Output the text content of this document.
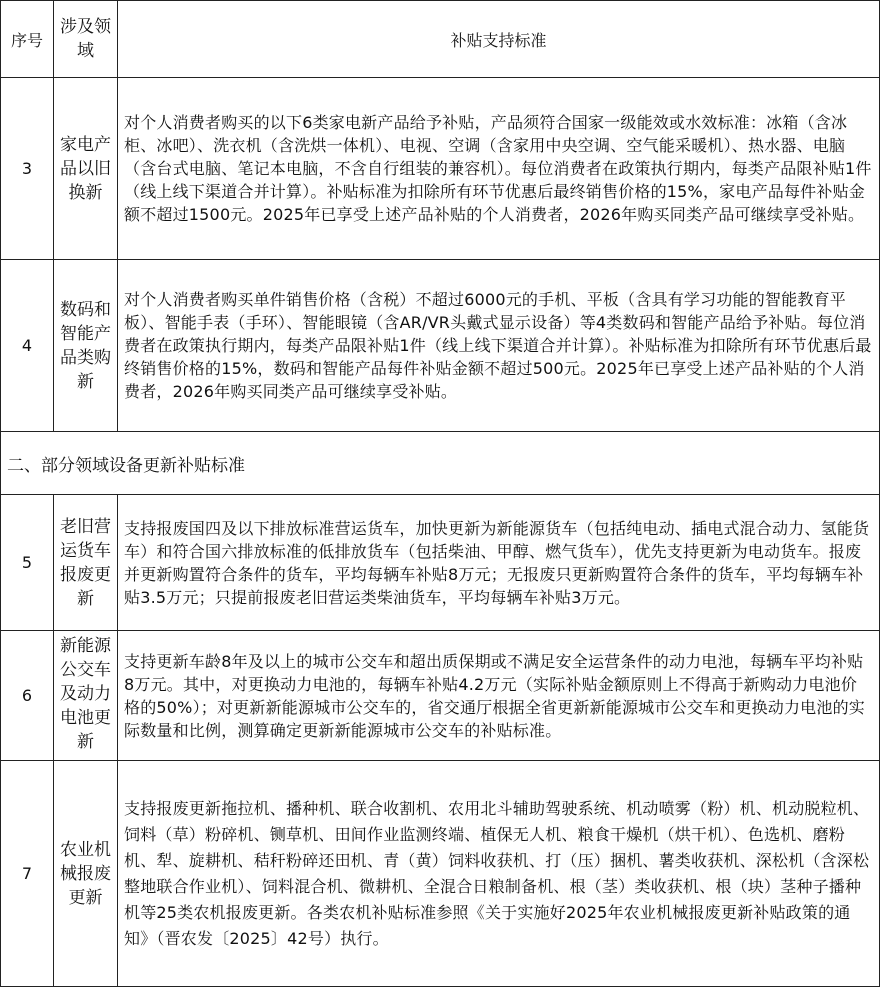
序号	涉及领域	补贴支持标准
3	家电产品以旧换新	对个人消费者购买的以下6类家电新产品给予补贴，产品须符合国家一级能效或水效标准：冰箱（含冰柜、冰吧）、洗衣机（含洗烘一体机）、电视、空调（含家用中央空调、空气能采暖机）、热水器、电脑（含台式电脑、笔记本电脑，不含自行组装的兼容机）。每位消费者在政策执行期内，每类产品限补贴1件（线上线下渠道合并计算）。补贴标准为扣除所有环节优惠后最终销售价格的15%，家电产品每件补贴金额不超过1500元。2025年已享受上述产品补贴的个人消费者，2026年购买同类产品可继续享受补贴。
4	数码和智能产品类购新	对个人消费者购买单件销售价格（含税）不超过6000元的手机、平板（含具有学习功能的智能教育平板）、智能手表（手环）、智能眼镜（含AR/VR头戴式显示设备）等4类数码和智能产品给予补贴。每位消费者在政策执行期内，每类产品限补贴1件（线上线下渠道合并计算）。补贴标准为扣除所有环节优惠后最终销售价格的15%，数码和智能产品每件补贴金额不超过500元。2025年已享受上述产品补贴的个人消费者，2026年购买同类产品可继续享受补贴。
二、部分领域设备更新补贴标准		
5	老旧营运货车报废更新	支持报废国四及以下排放标准营运货车，加快更新为新能源货车（包括纯电动、插电式混合动力、氢能货车）和符合国六排放标准的低排放货车（包括柴油、甲醇、燃气货车），优先支持更新为电动货车。报废并更新购置符合条件的货车，平均每辆车补贴8万元；无报废只更新购置符合条件的货车，平均每辆车补贴3.5万元；只提前报废老旧营运类柴油货车，平均每辆车补贴3万元。
6	新能源公交车及动力电池更新	支持更新车龄8年及以上的城市公交车和超出质保期或不满足安全运营条件的动力电池，每辆车平均补贴8万元。其中，对更换动力电池的，每辆车补贴4.2万元（实际补贴金额原则上不得高于新购动力电池价格的50%）；对更新新能源城市公交车的，省交通厅根据全省更新新能源城市公交车和更换动力电池的实际数量和比例，测算确定更新新能源城市公交车的补贴标准。
7	农业机械报废更新	支持报废更新拖拉机、播种机、联合收割机、农用北斗辅助驾驶系统、机动喷雾（粉）机、机动脱粒机、饲料（草）粉碎机、铡草机、田间作业监测终端、植保无人机、粮食干燥机（烘干机）、色选机、磨粉机、犁、旋耕机、秸秆粉碎还田机、青（黄）饲料收获机、打（压）捆机、薯类收获机、深松机（含深松整地联合作业机）、饲料混合机、微耕机、全混合日粮制备机、根（茎）类收获机、根（块）茎种子播种机等25类农机报废更新。各类农机补贴标准参照《关于实施好2025年农业机械报废更新补贴政策的通知》（晋农发〔2025〕42号）执行。
